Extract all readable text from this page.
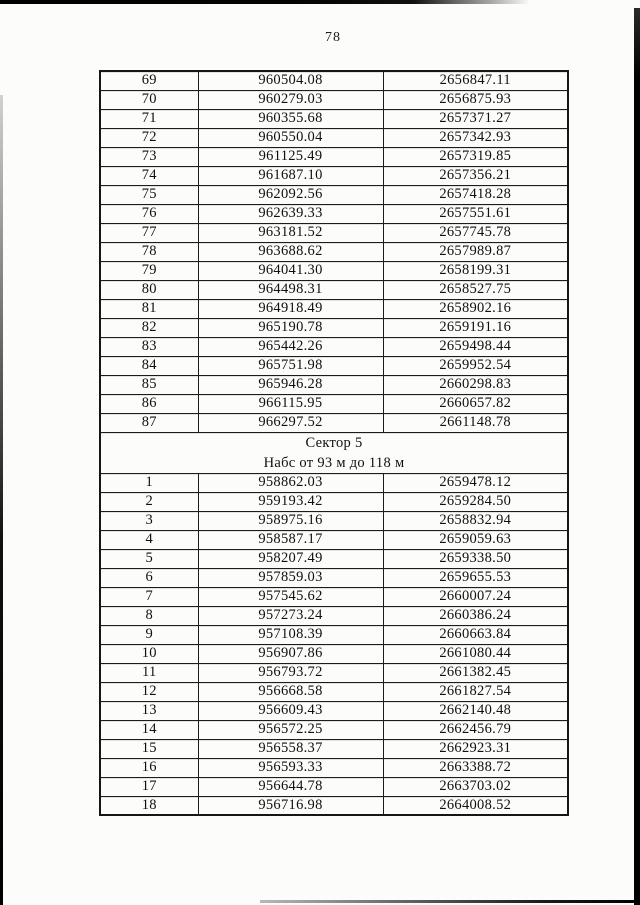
78
69	960504.08	2656847.11
70	960279.03	2656875.93
71	960355.68	2657371.27
72	960550.04	2657342.93
73	961125.49	2657319.85
74	961687.10	2657356.21
75	962092.56	2657418.28
76	962639.33	2657551.61
77	963181.52	2657745.78
78	963688.62	2657989.87
79	964041.30	2658199.31
80	964498.31	2658527.75
81	964918.49	2658902.16
82	965190.78	2659191.16
83	965442.26	2659498.44
84	965751.98	2659952.54
85	965946.28	2660298.83
86	966115.95	2660657.82
87	966297.52	2661148.78

Сектор 5
Набс от 93 м до 118 м		

1	958862.03	2659478.12
2	959193.42	2659284.50
3	958975.16	2658832.94
4	958587.17	2659059.63
5	958207.49	2659338.50
6	957859.03	2659655.53
7	957545.62	2660007.24
8	957273.24	2660386.24
9	957108.39	2660663.84
10	956907.86	2661080.44
11	956793.72	2661382.45
12	956668.58	2661827.54
13	956609.43	2662140.48
14	956572.25	2662456.79
15	956558.37	2662923.31
16	956593.33	2663388.72
17	956644.78	2663703.02
18	956716.98	2664008.52
